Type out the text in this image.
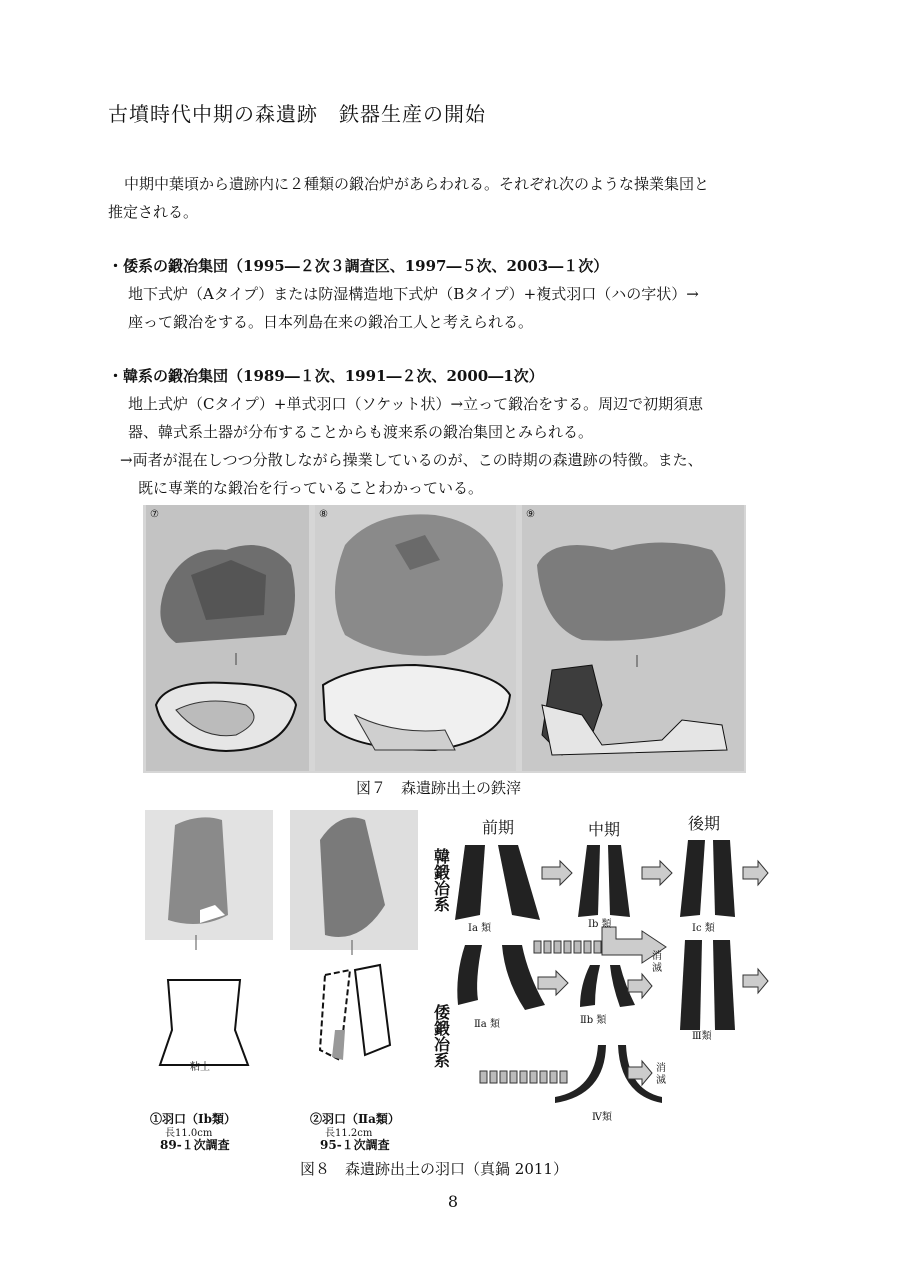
古墳時代中期の森遺跡　鉄器生産の開始
中期中葉頃から遺跡内に２種類の鍛冶炉があらわれる。それぞれ次のような操業集団と
推定される。
・倭系の鍛冶集団（1995―２次３調査区、1997―５次、2003―１次）
地下式炉（Aタイプ）または防湿構造地下式炉（Bタイプ）+複式羽口（ハの字状）→
座って鍛冶をする。日本列島在来の鍛冶工人と考えられる。
・韓系の鍛冶集団（1989―１次、1991―２次、2000―1次）
地上式炉（Cタイプ）+単式羽口（ソケット状）→立って鍛冶をする。周辺で初期須恵
器、韓式系土器が分布することからも渡来系の鍛冶集団とみられる。
→両者が混在しつつ分散しながら操業しているのが、この時期の森遺跡の特徴。また、
既に専業的な鍛冶を行っていることわかっている。
⑦	⑧	⑨
図７　森遺跡出土の鉄滓
粘土
①羽口（Ⅰb類）
長11.0cm
89-１次調査
②羽口（Ⅱa類）
長11.2cm
95-１次調査
前期	中期	後期
韓鍛冶系
倭鍛冶系
Ⅰa 類	Ⅰb 類	Ⅰc 類
Ⅱa 類	Ⅱb 類
Ⅲ類
Ⅳ類
消滅
消滅
図８　森遺跡出土の羽口（真鍋 2011）
8
